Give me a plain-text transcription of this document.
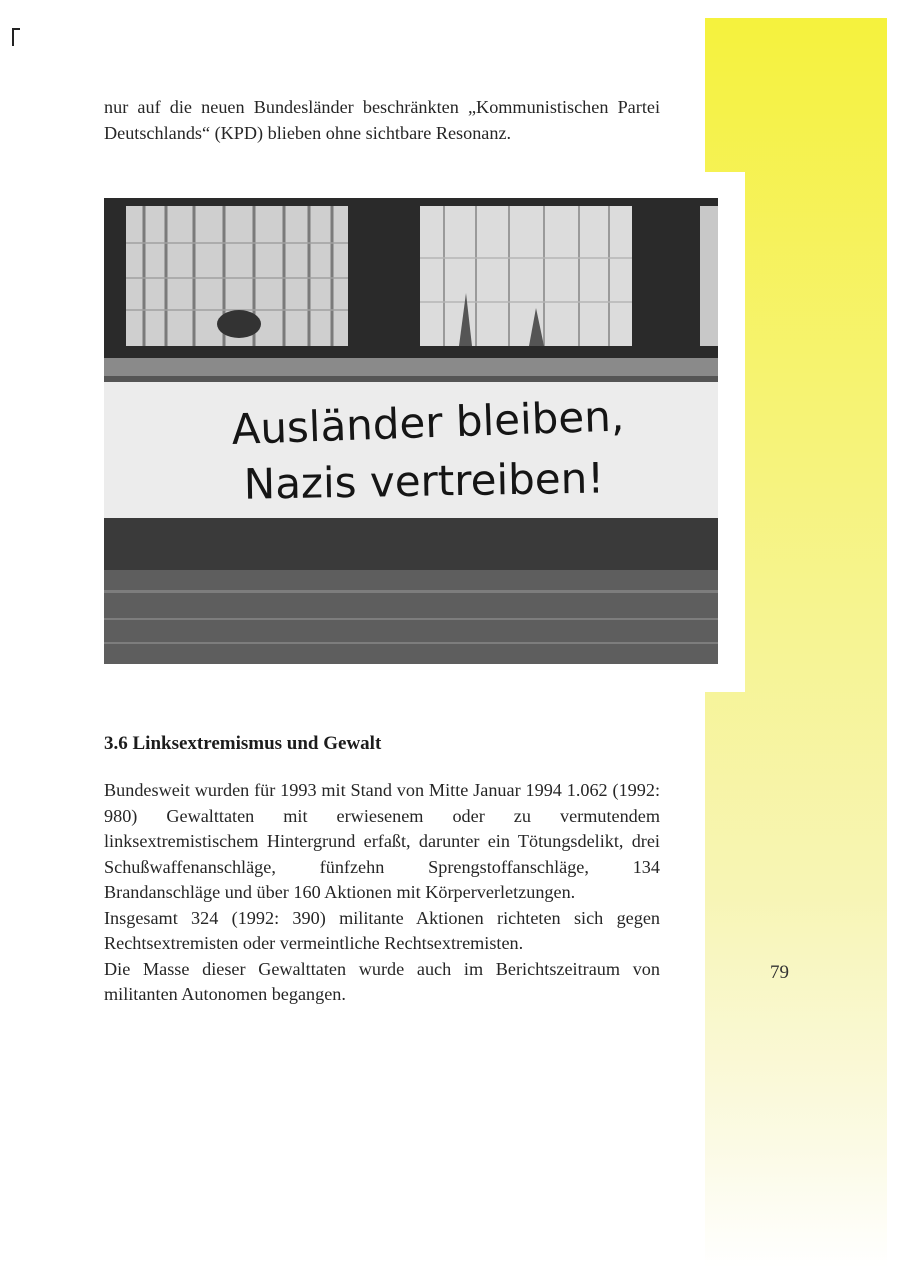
nur auf die neuen Bundesländer beschränkten „Kommunistischen Partei Deutschlands“ (KPD) blieben ohne sichtbare Resonanz.

Ausländer bleiben,
Nazis vertreiben!
3.6 Linksextremismus und Gewalt

Bundesweit wurden für 1993 mit Stand von Mitte Januar 1994 1.062 (1992: 980) Gewalttaten mit erwiesenem oder zu vermutendem linksextremistischem Hintergrund erfaßt, darunter ein Tötungsdelikt, drei Schußwaffenanschläge, fünfzehn Sprengstoffanschläge, 134 Brandanschläge und über 160 Aktionen mit Körperverletzungen.

Insgesamt 324 (1992: 390) militante Aktionen richteten sich gegen Rechtsextremisten oder vermeintliche Rechtsextremisten.

Die Masse dieser Gewalttaten wurde auch im Berichtszeitraum von militanten Autonomen begangen.

79
